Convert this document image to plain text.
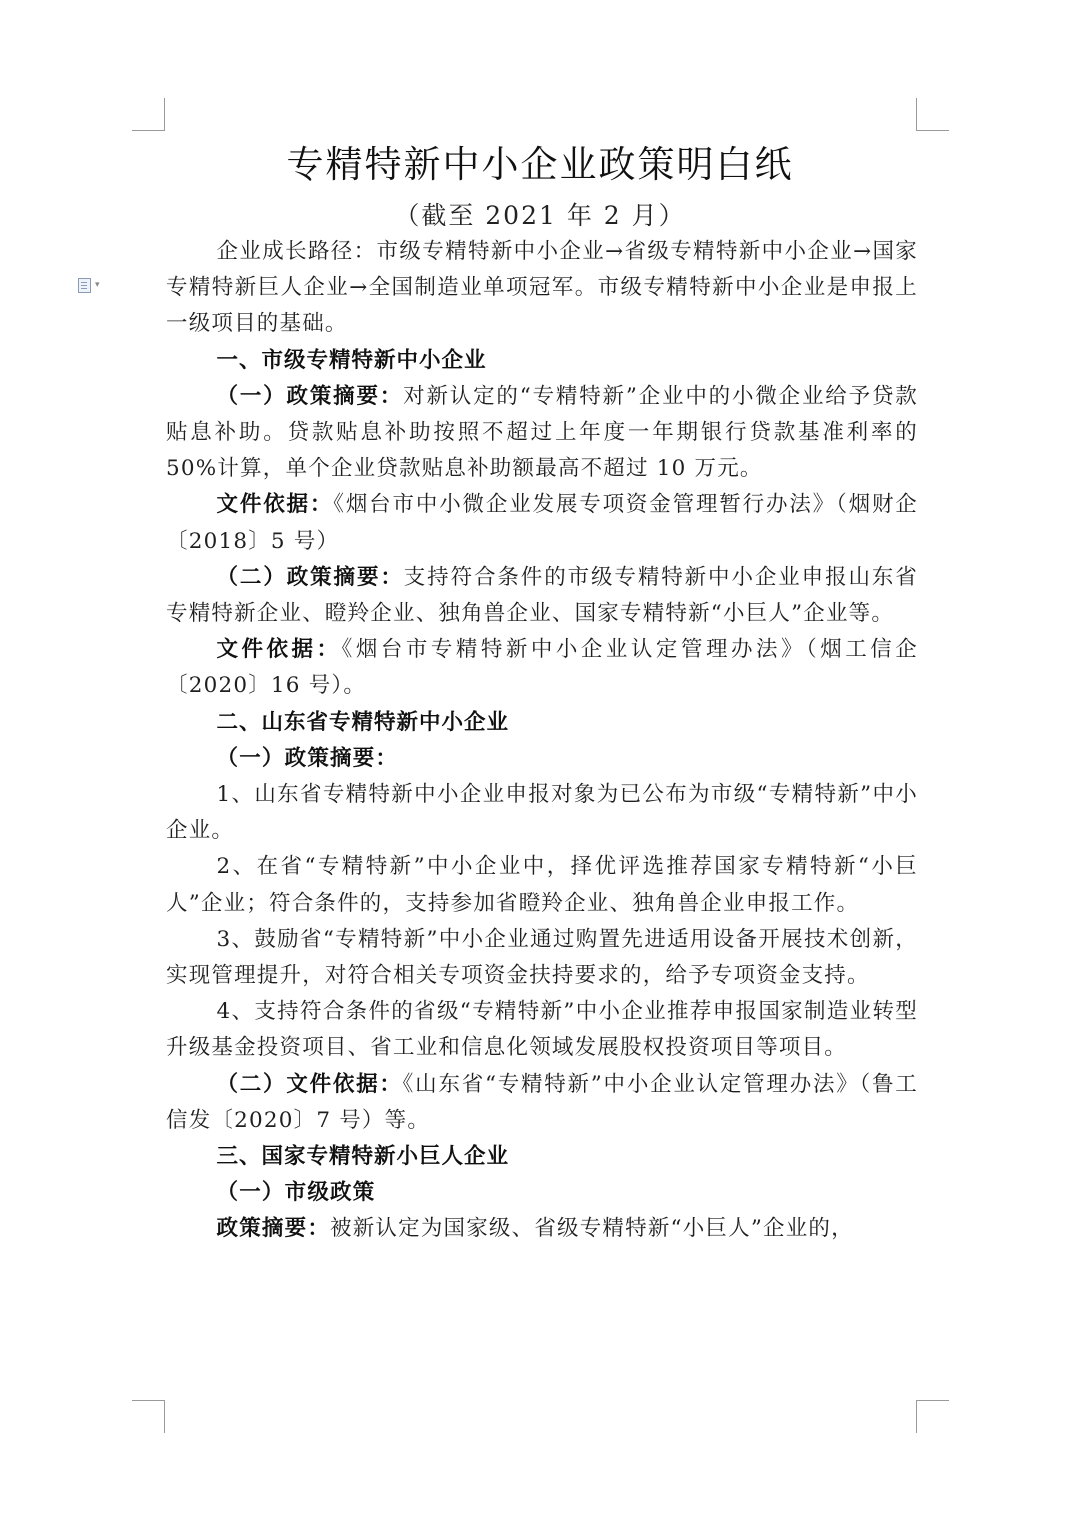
▾
专精特新中小企业政策明白纸
（截至 2021 年 2 月）

企业成长路径：市级专精特新中小企业→省级专精特新中小企业→国家专精特新巨人企业→全国制造业单项冠军。市级专精特新中小企业是申报上一级项目的基础。

一、市级专精特新中小企业

（一）政策摘要：对新认定的“专精特新”企业中的小微企业给予贷款贴息补助。贷款贴息补助按照不超过上年度一年期银行贷款基准利率的 50%计算，单个企业贷款贴息补助额最高不超过 10 万元。

文件依据：《烟台市中小微企业发展专项资金管理暂行办法》（烟财企〔2018〕5 号）

（二）政策摘要：支持符合条件的市级专精特新中小企业申报山东省专精特新企业、瞪羚企业、独角兽企业、国家专精特新“小巨人”企业等。

文件依据：《烟台市专精特新中小企业认定管理办法》（烟工信企〔2020〕16 号）。

二、山东省专精特新中小企业

（一）政策摘要：

1、山东省专精特新中小企业申报对象为已公布为市级“专精特新”中小企业。

2、在省“专精特新”中小企业中，择优评选推荐国家专精特新“小巨人”企业；符合条件的，支持参加省瞪羚企业、独角兽企业申报工作。

3、鼓励省“专精特新”中小企业通过购置先进适用设备开展技术创新，实现管理提升，对符合相关专项资金扶持要求的，给予专项资金支持。

4、支持符合条件的省级“专精特新”中小企业推荐申报国家制造业转型升级基金投资项目、省工业和信息化领域发展股权投资项目等项目。

（二）文件依据：《山东省“专精特新”中小企业认定管理办法》（鲁工信发〔2020〕7 号）等。

三、国家专精特新小巨人企业

（一）市级政策

政策摘要：被新认定为国家级、省级专精特新“小巨人”企业的，
